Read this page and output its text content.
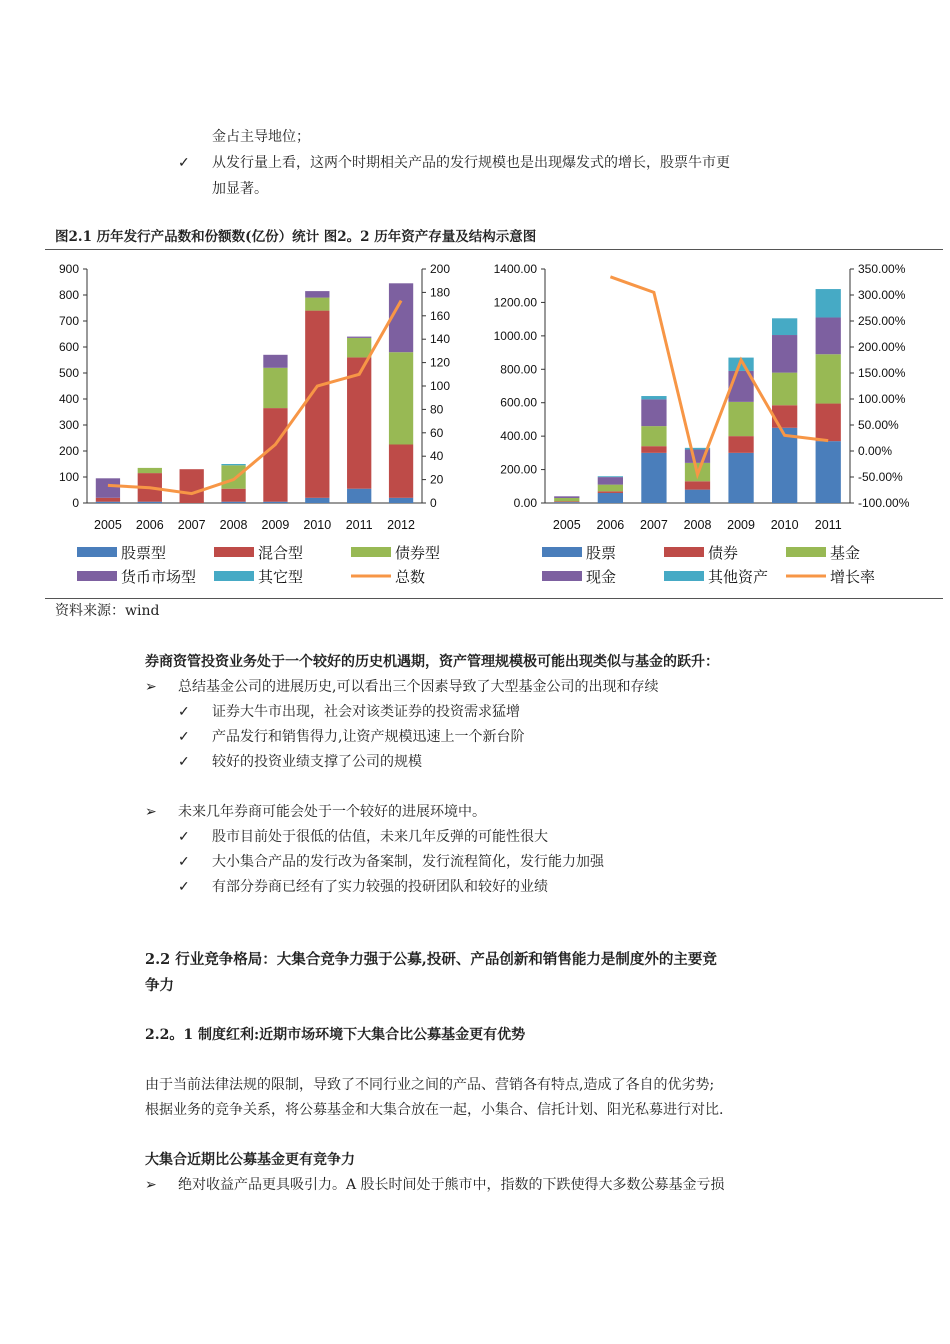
金占主导地位；
✓ 从发行量上看，这两个时期相关产品的发行规模也是出现爆发式的增长，股票牛市更
加显著。
图2.1 历年发行产品数和份额数(亿份）统计 图2。2 历年资产存量及结构示意图
0
100
200
300
400
500
600
700
800
900
0
20
40
60
80
100
120
140
160
180
200
2005 2006 2007 2008 2009 2010 2011 2012
股票型	混合型	债券型
货币市场型	其它型	总数
0.00
200.00
400.00
600.00
800.00
1000.00
1200.00
1400.00
-100.00%
-50.00%
0.00%
50.00%
100.00%
150.00%
200.00%
250.00%
300.00%
350.00%
2005 2006 2007 2008 2009 2010 2011
股票	债券	基金
现金	其他资产	增长率
资料来源：wind
券商资管投资业务处于一个较好的历史机遇期，资产管理规模极可能出现类似与基金的跃升：
➢ 总结基金公司的进展历史,可以看出三个因素导致了大型基金公司的出现和存续
✓ 证券大牛市出现，社会对该类证券的投资需求猛增
✓ 产品发行和销售得力,让资产规模迅速上一个新台阶
✓ 较好的投资业绩支撑了公司的规模
➢ 未来几年券商可能会处于一个较好的进展环境中。
✓ 股市目前处于很低的估值，未来几年反弹的可能性很大
✓ 大小集合产品的发行改为备案制，发行流程简化，发行能力加强
✓ 有部分券商已经有了实力较强的投研团队和较好的业绩
2.2 行业竞争格局：大集合竞争力强于公募,投研、产品创新和销售能力是制度外的主要竞
争力
2.2。1 制度红利:近期市场环境下大集合比公募基金更有优势
由于当前法律法规的限制，导致了不同行业之间的产品、营销各有特点,造成了各自的优劣势;
根据业务的竞争关系，将公募基金和大集合放在一起，小集合、信托计划、阳光私募进行对比.
大集合近期比公募基金更有竞争力
➢ 绝对收益产品更具吸引力。A 股长时间处于熊市中，指数的下跌使得大多数公募基金亏损
